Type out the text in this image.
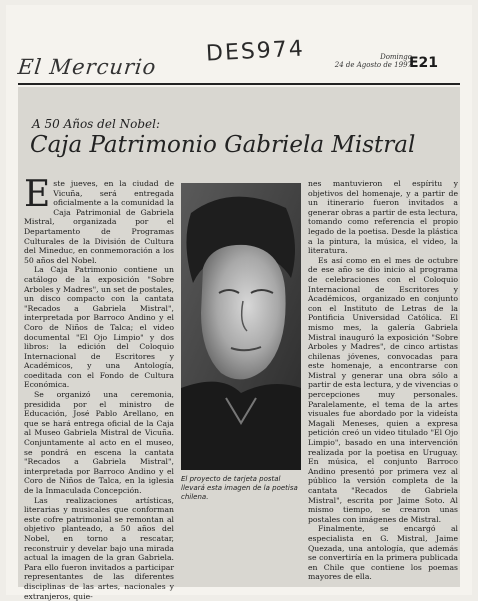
El Mercurio
DES974	Domingo
24 de Agosto de 1997
E21
A 50 Años del Nobel:
Caja Patrimonio Gabriela Mistral

Este jueves, en la ciudad de Vicuña, será entregada oficialmente a la comunidad la Caja Patrimonial de Gabriela Mistral, organizada por el Departamento de Programas Culturales de la División de Cultura del Mineduc, en conmemoración a los 50 años del Nobel.

La Caja Patrimonio contiene un catálogo de la exposición "Sobre Arboles y Madres", un set de postales, un disco compacto con la cantata "Recados a Gabriela Mistral", interpretada por Barroco Andino y el Coro de Niños de Talca; el video documental "El Ojo Limpio" y dos libros: la edición del Coloquio Internacional de Escritores y Académicos, y una Antología, coeditada con el Fondo de Cultura Económica.

Se organizó una ceremonia, presidida por el ministro de Educación, José Pablo Arellano, en que se hará entrega oficial de la Caja al Museo Gabriela Mistral de Vicuña. Conjuntamente al acto en el museo, se pondrá en escena la cantata "Recados a Gabriela Mistral", interpretada por Barroco Andino y el Coro de Niños de Talca, en la iglesia de la Inmaculada Concepción.

Las realizaciones artísticas, literarias y musicales que conforman este cofre patrimonial se remontan al objetivo planteado, a 50 años del Nobel, en torno a rescatar, reconstruir y develar bajo una mirada actual la imagen de la gran Gabriela. Para ello fueron invitados a participar representantes de las diferentes disciplinas de las artes, nacionales y extranjeros, quie-

El proyecto de tarjeta postal llevará esta imagen de la poetisa chilena.

nes mantuvieron el espíritu y objetivos del homenaje, y a partir de un itinerario fueron invitados a generar obras a partir de esta lectura, tomando como referencia el propio legado de la poetisa. Desde la plástica a la pintura, la música, el video, la literatura.

Es así como en el mes de octubre de ese año se dio inicio al programa de celebraciones con el Coloquio Internacional de Escritores y Académicos, organizado en conjunto con el Instituto de Letras de la Pontificia Universidad Católica. El mismo mes, la galería Gabriela Mistral inauguró la exposición "Sobre Arboles y Madres", de cinco artistas chilenas jóvenes, convocadas para este homenaje, a encontrarse con Mistral y generar una obra sólo a partir de esta lectura, y de vivencias o percepciones muy personales. Paralelamente, el tema de la artes visuales fue abordado por la videísta Magali Meneses, quien a expresa petición creó un video titulado "El Ojo Limpio", basado en una intervención realizada por la poetisa en Uruguay. En música, el conjunto Barroco Andino presentó por primera vez al público la versión completa de la cantata "Recados de Gabriela Mistral", escrita por Jaime Soto. Al mismo tiempo, se crearon unas postales con imágenes de Mistral.

Finalmente, se encargó al especialista en G. Mistral, Jaime Quezada, una antología, que además se convertiría en la primera publicada en Chile que contiene los poemas mayores de ella.
